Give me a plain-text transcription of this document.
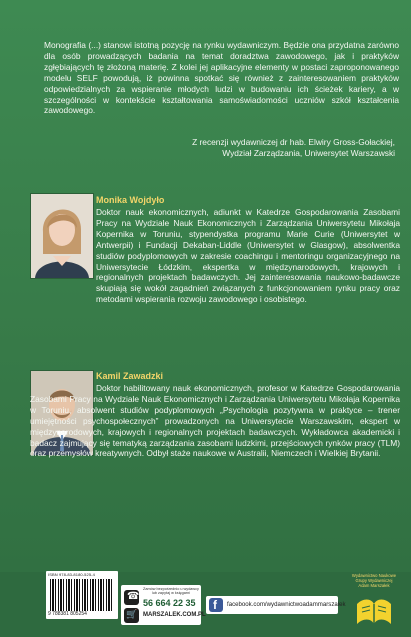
Monografia (...) stanowi istotną pozycję na rynku wydawniczym. Będzie ona przydatna zarówno dla osób prowadzących badania na temat doradztwa zawodowego, jak i praktyków zgłębiających tę złożoną materię. Z kolei jej aplikacyjne elementy w postaci zaproponowanego modelu SELF powodują, iż powinna spotkać się również z zainteresowaniem praktyków odpowiedzialnych za wspieranie młodych ludzi w budowaniu ich ścieżek kariery, a w szczególności w kontekście kształtowania samoświadomości uczniów szkół kształcenia zawodowego.
Z recenzji wydawniczej dr hab. Elwiry Gross-Gołackiej,
Wydział Zarządzania, Uniwersytet Warszawski
Monika Wojdyło
Doktor nauk ekonomicznych, adiunkt w Katedrze Gospodarowania Zasobami Pracy na Wydziale Nauk Ekonomicznych i Zarządzania Uniwersytetu Mikołaja Kopernika w Toruniu, stypendystka programu Marie Curie (Uniwersytet w Antwerpii) i Fundacji Dekaban-Liddle (Uniwersytet w Glasgow), absolwentka studiów podyplomowych w zakresie coachingu i mentoringu organizacyjnego na Uniwersytecie Łódzkim, ekspertka w międzynarodowych, krajowych i regionalnych projektach badawczych. Jej zainteresowania naukowo-badawcze skupiają się wokół zagadnień związanych z funkcjonowaniem rynku pracy oraz metodami wspierania rozwoju zawodowego i osobistego.
Kamil Zawadzki
Doktor habilitowany nauk ekonomicznych, profesor w Katedrze Gospodarowania Zasobami Pracy na Wydziale Nauk Ekonomicznych i Zarządzania Uniwersytetu Mikołaja Kopernika w Toruniu, absolwent studiów podyplomowych „Psychologia pozytywna w praktyce – trener umiejętności psychospołecznych” prowadzonych na Uniwersytecie Warszawskim, ekspert w międzynarodowych, krajowych i regionalnych projektach badawczych. Wykładowca akademicki i badacz zajmujący się tematyką zarządzania zasobami ludzkimi, przejściowych rynków pracy (TLM) oraz przemysłów kreatywnych. Odbył staże naukowe w Australii, Niemczech i Wielkiej Brytanii.
ISBN 978-83-8180-525-4
9 788381 805254
☎
Zamów bezpośrednio u wydawcy lub zapytaj w księgarni
56 664 22 35
🛒
MARSZALEK.COM.PL
f
facebook.com/wydawnictwoadammarszalek
Wydawnictwo Naukowe Grupy Wydawniczej Adam Marszałek
